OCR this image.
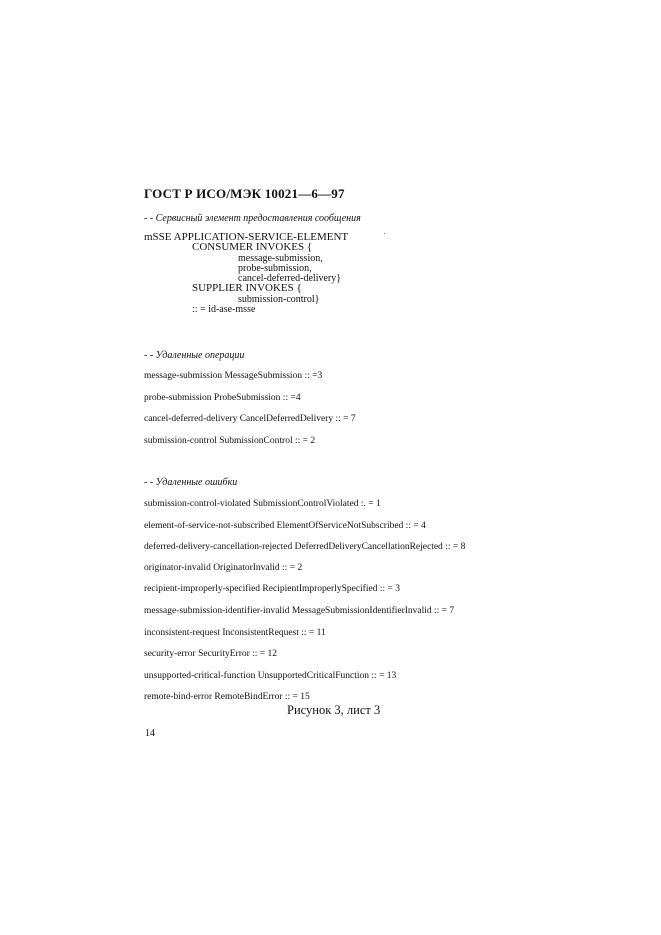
ГОСТ Р ИСО/МЭК 10021—6—97
- - Сервисный элемент предоставления сообщения
mSSE APPLICATION-SERVICE-ELEMENT
CONSUMER INVOKES {
message-submission,
probe-submission,
cancel-deferred-delivery}
SUPPLIER INVOKES {
submission-control}
:: = id-ase-msse
- - Удаленные операции
message-submission MessageSubmission :: =3
probe-submission ProbeSubmission :: =4
cancel-deferred-delivery CancelDeferredDelivery :: = 7
submission-control SubmissionControl :: = 2
- - Удаленные ошибки
submission-control-violated SubmissionControlViolated :. = 1
element-of-service-not-subscribed ElementOfServiceNotSubscribed :: = 4
deferred-delivery-cancellation-rejected DeferredDeliveryCancellationRejected :: = 8
originator-invalid OriginatorInvalid :: = 2
recipient-improperly-specified RecipientImproperlySpecified :: = 3
message-submission-identifier-invalid MessageSubmissionIdentifierInvalid :: = 7
inconsistent-request InconsistentRequest :: = 11
security-error SecurityError :: = 12
unsupported-critical-function UnsupportedCriticalFunction :: = 13
remote-bind-error RemoteBindError :: = 15
Рисунок 3, лист 3
14
